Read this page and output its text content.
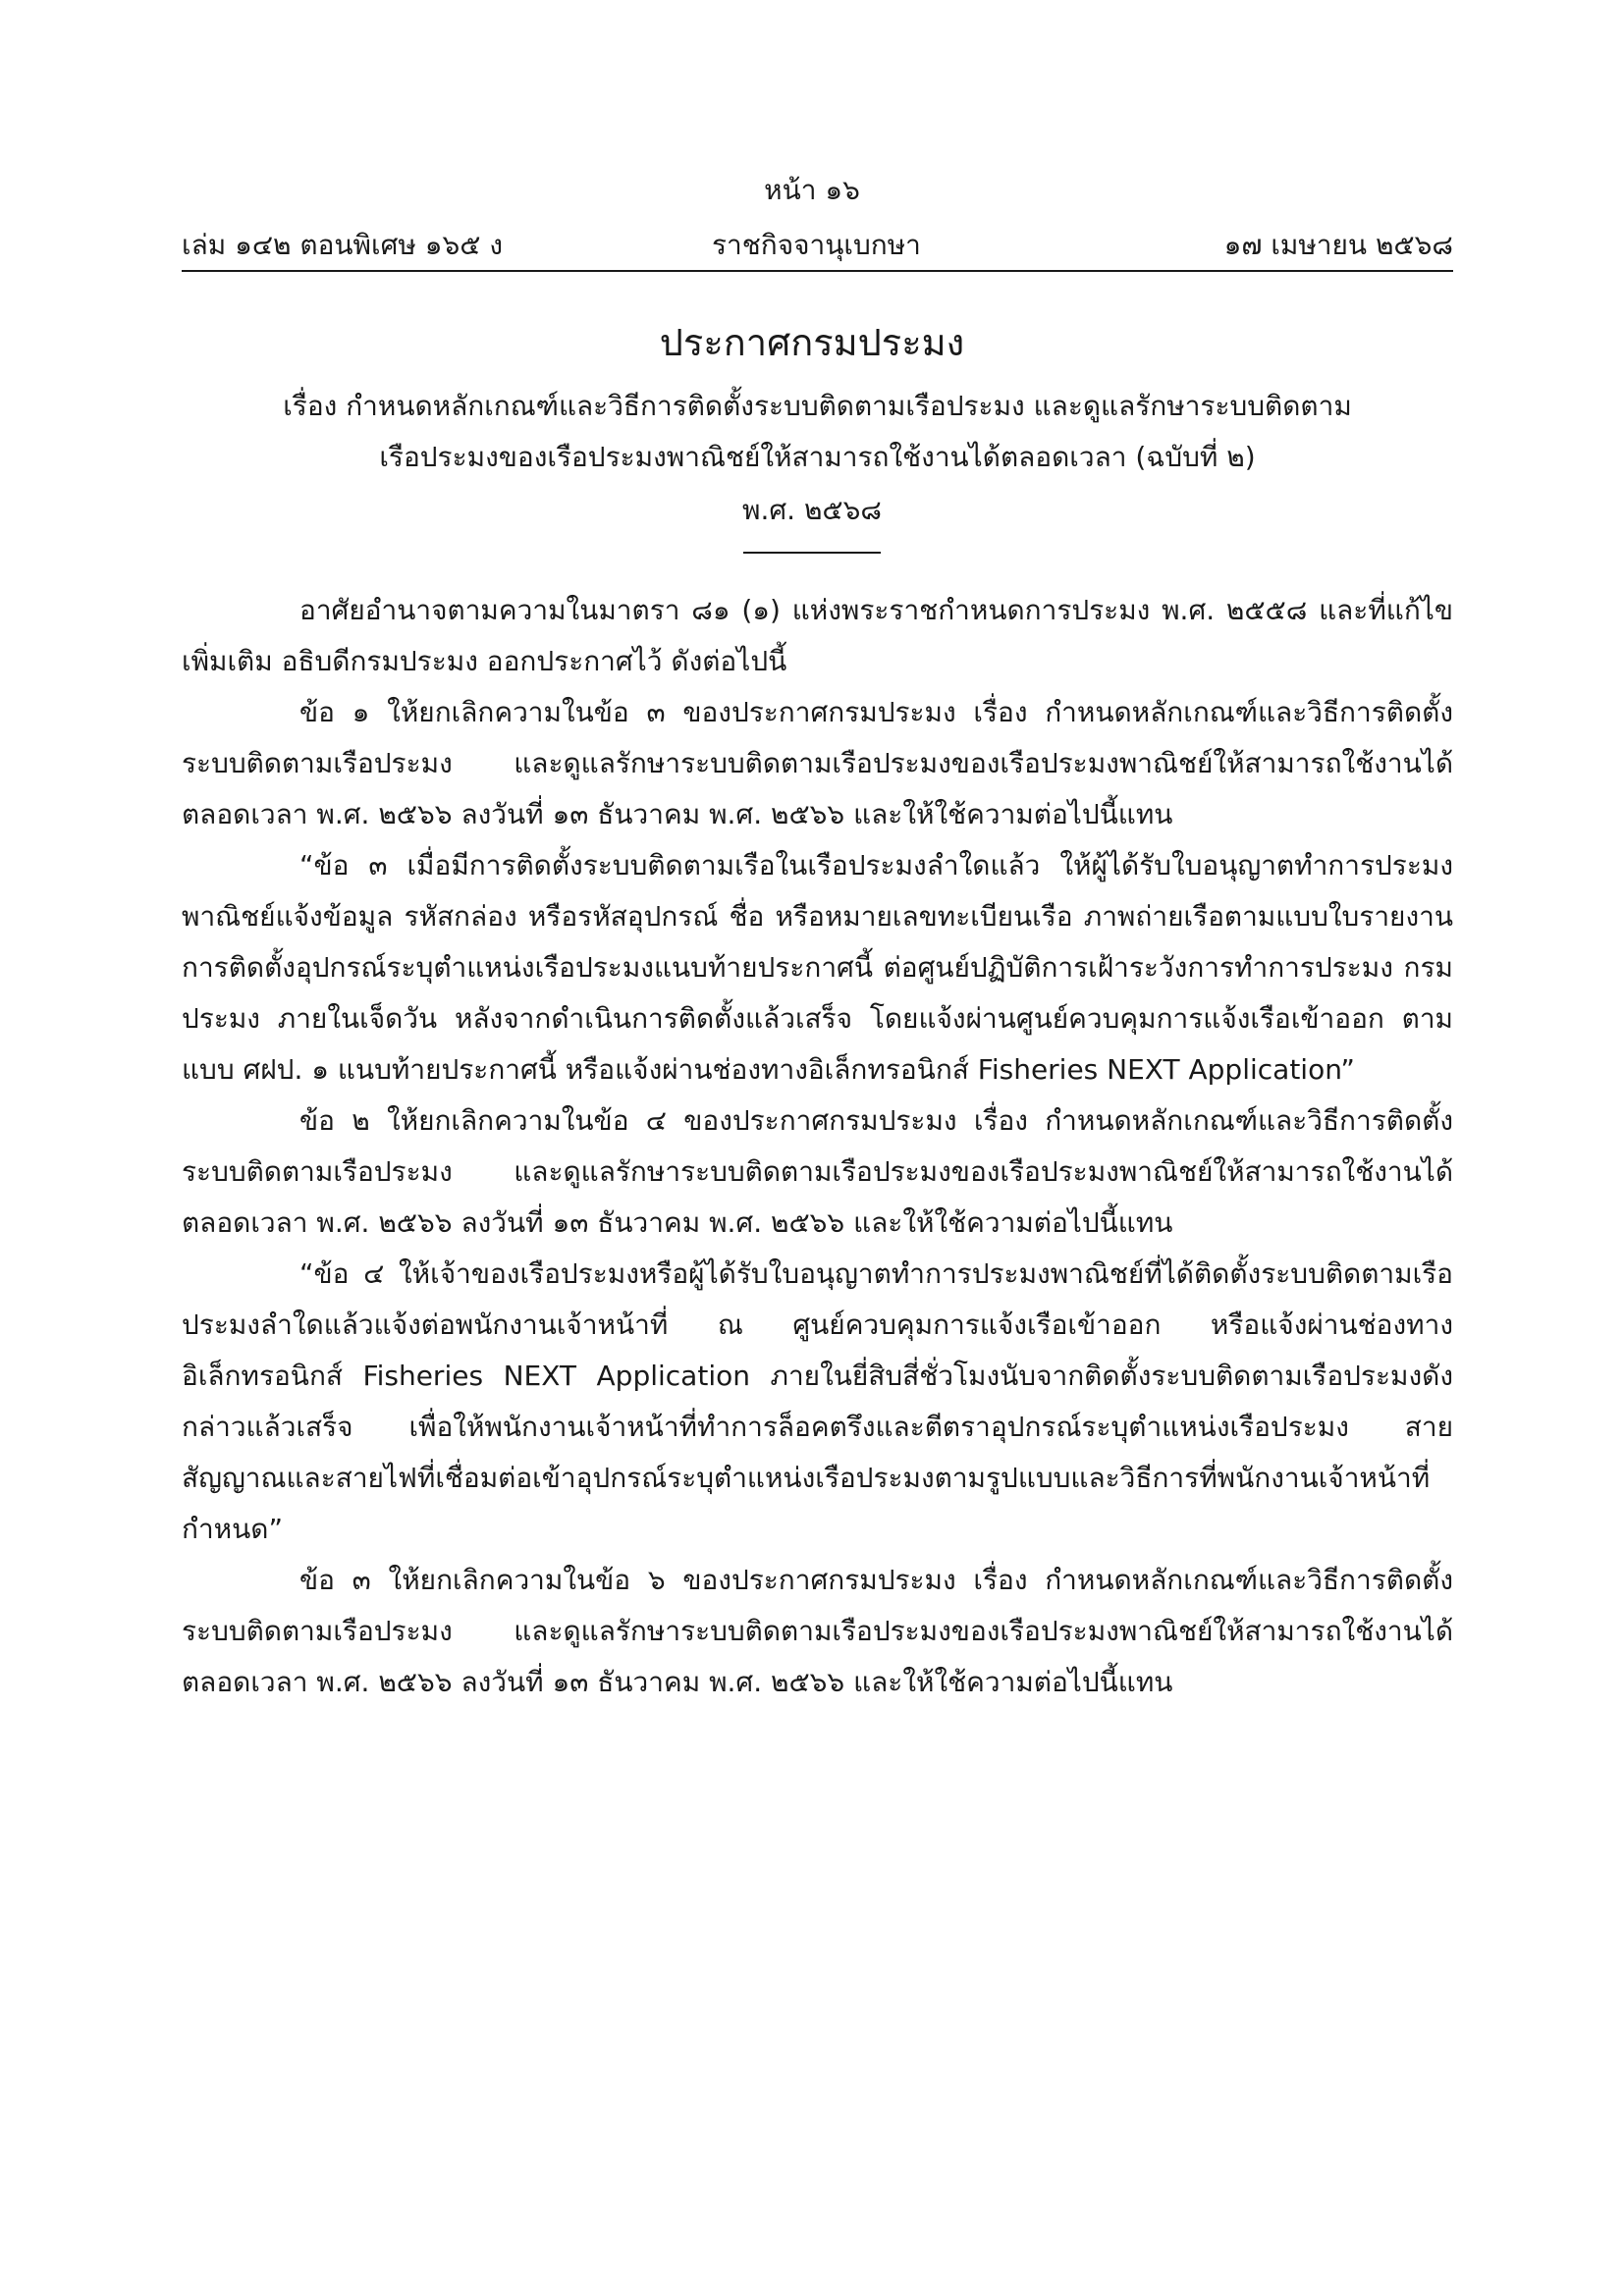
หน้า ๑๖
เล่ม ๑๔๒ ตอนพิเศษ ๑๖๕ ง	ราชกิจจานุเบกษา	๑๗ เมษายน ๒๕๖๘
ประกาศกรมประมง
เรื่อง กำหนดหลักเกณฑ์และวิธีการติดตั้งระบบติดตามเรือประมง และดูแลรักษาระบบติดตาม
เรือประมงของเรือประมงพาณิชย์ให้สามารถใช้งานได้ตลอดเวลา (ฉบับที่ ๒)
พ.ศ. ๒๕๖๘

อาศัยอำนาจตามความในมาตรา ๘๑ (๑) แห่งพระราชกำหนดการประมง พ.ศ. ๒๕๕๘ และที่แก้ไขเพิ่มเติม อธิบดีกรมประมง ออกประกาศไว้ ดังต่อไปนี้

ข้อ ๑ ให้ยกเลิกความในข้อ ๓ ของประกาศกรมประมง เรื่อง กำหนดหลักเกณฑ์และวิธีการติดตั้งระบบติดตามเรือประมง และดูแลรักษาระบบติดตามเรือประมงของเรือประมงพาณิชย์ให้สามารถใช้งานได้ตลอดเวลา พ.ศ. ๒๕๖๖ ลงวันที่ ๑๓ ธันวาคม พ.ศ. ๒๕๖๖ และให้ใช้ความต่อไปนี้แทน

“ข้อ ๓ เมื่อมีการติดตั้งระบบติดตามเรือในเรือประมงลำใดแล้ว ให้ผู้ได้รับใบอนุญาตทำการประมงพาณิชย์แจ้งข้อมูล รหัสกล่อง หรือรหัสอุปกรณ์ ชื่อ หรือหมายเลขทะเบียนเรือ ภาพถ่ายเรือตามแบบใบรายงานการติดตั้งอุปกรณ์ระบุตำแหน่งเรือประมงแนบท้ายประกาศนี้ ต่อศูนย์ปฏิบัติการเฝ้าระวังการทำการประมง กรมประมง ภายในเจ็ดวัน หลังจากดำเนินการติดตั้งแล้วเสร็จ โดยแจ้งผ่านศูนย์ควบคุมการแจ้งเรือเข้าออก ตามแบบ ศฝป. ๑ แนบท้ายประกาศนี้ หรือแจ้งผ่านช่องทางอิเล็กทรอนิกส์ Fisheries NEXT Application”

ข้อ ๒ ให้ยกเลิกความในข้อ ๔ ของประกาศกรมประมง เรื่อง กำหนดหลักเกณฑ์และวิธีการติดตั้งระบบติดตามเรือประมง และดูแลรักษาระบบติดตามเรือประมงของเรือประมงพาณิชย์ให้สามารถใช้งานได้ตลอดเวลา พ.ศ. ๒๕๖๖ ลงวันที่ ๑๓ ธันวาคม พ.ศ. ๒๕๖๖ และให้ใช้ความต่อไปนี้แทน

“ข้อ ๔ ให้เจ้าของเรือประมงหรือผู้ได้รับใบอนุญาตทำการประมงพาณิชย์ที่ได้ติดตั้งระบบติดตามเรือประมงลำใดแล้วแจ้งต่อพนักงานเจ้าหน้าที่ ณ ศูนย์ควบคุมการแจ้งเรือเข้าออก หรือแจ้งผ่านช่องทางอิเล็กทรอนิกส์ Fisheries NEXT Application ภายในยี่สิบสี่ชั่วโมงนับจากติดตั้งระบบติดตามเรือประมงดังกล่าวแล้วเสร็จ เพื่อให้พนักงานเจ้าหน้าที่ทำการล็อคตรึงและตีตราอุปกรณ์ระบุตำแหน่งเรือประมง สายสัญญาณและสายไฟที่เชื่อมต่อเข้าอุปกรณ์ระบุตำแหน่งเรือประมงตามรูปแบบและวิธีการที่พนักงานเจ้าหน้าที่กำหนด”

ข้อ ๓ ให้ยกเลิกความในข้อ ๖ ของประกาศกรมประมง เรื่อง กำหนดหลักเกณฑ์และวิธีการติดตั้งระบบติดตามเรือประมง และดูแลรักษาระบบติดตามเรือประมงของเรือประมงพาณิชย์ให้สามารถใช้งานได้ตลอดเวลา พ.ศ. ๒๕๖๖ ลงวันที่ ๑๓ ธันวาคม พ.ศ. ๒๕๖๖ และให้ใช้ความต่อไปนี้แทน
